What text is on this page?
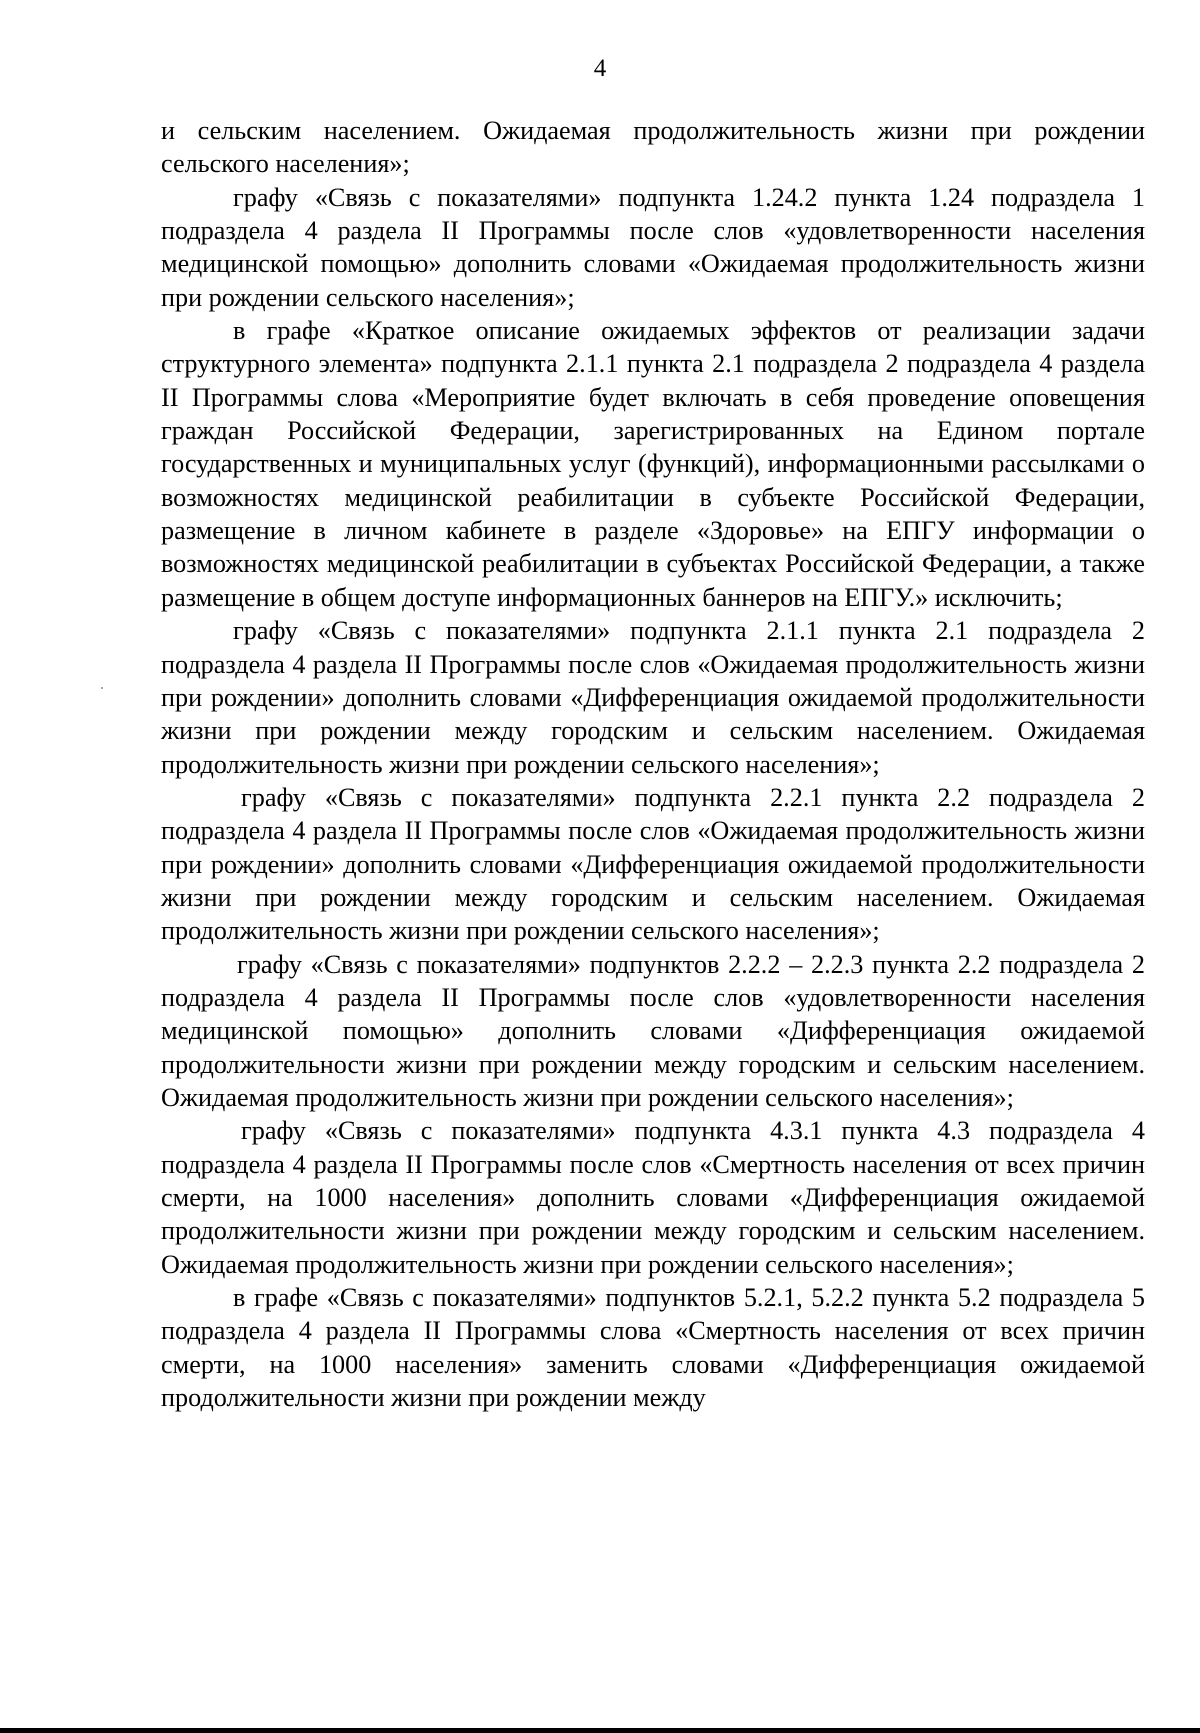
4

и сельским населением. Ожидаемая продолжительность жизни при рождении сельского населения»;

графу «Связь с показателями» подпункта 1.24.2 пункта 1.24 подраздела 1 подраздела 4 раздела II Программы после слов «удовлетворенности населения медицинской помощью» дополнить словами «Ожидаемая продолжительность жизни при рождении сельского населения»;

в графе «Краткое описание ожидаемых эффектов от реализации задачи структурного элемента» подпункта 2.1.1 пункта 2.1 подраздела 2 подраздела 4 раздела II Программы слова «Мероприятие будет включать в себя проведение оповещения граждан Российской Федерации, зарегистрированных на Едином портале государственных и муниципальных услуг (функций), информационными рассылками о возможностях медицинской реабилитации в субъекте Российской Федерации, размещение в личном кабинете в разделе «Здоровье» на ЕПГУ информации о возможностях медицинской реабилитации в субъектах Российской Федерации, а также размещение в общем доступе информационных баннеров на ЕПГУ.» исключить;

графу «Связь с показателями» подпункта 2.1.1 пункта 2.1 подраздела 2 подраздела 4 раздела II Программы после слов «Ожидаемая продолжительность жизни при рождении» дополнить словами «Дифференциация ожидаемой продолжительности жизни при рождении между городским и сельским населением. Ожидаемая продолжительность жизни при рождении сельского населения»;

графу «Связь с показателями» подпункта 2.2.1 пункта 2.2 подраздела 2 подраздела 4 раздела II Программы после слов «Ожидаемая продолжительность жизни при рождении» дополнить словами «Дифференциация ожидаемой продолжительности жизни при рождении между городским и сельским населением. Ожидаемая продолжительность жизни при рождении сельского населения»;

графу «Связь с показателями» подпунктов 2.2.2 – 2.2.3 пункта 2.2 подраздела 2 подраздела 4 раздела II Программы после слов «удовлетворенности населения медицинской помощью» дополнить словами «Дифференциация ожидаемой продолжительности жизни при рождении между городским и сельским населением. Ожидаемая продолжительность жизни при рождении сельского населения»;

графу «Связь с показателями» подпункта 4.3.1 пункта 4.3 подраздела 4 подраздела 4 раздела II Программы после слов «Смертность населения от всех причин смерти, на 1000 населения» дополнить словами «Дифференциация ожидаемой продолжительности жизни при рождении между городским и сельским населением. Ожидаемая продолжительность жизни при рождении сельского населения»;

в графе «Связь с показателями» подпунктов 5.2.1, 5.2.2 пункта 5.2 подраздела 5 подраздела 4 раздела II Программы слова «Смертность населения от всех причин смерти, на 1000 населения» заменить словами «Дифференциация ожидаемой продолжительности жизни при рождении между
